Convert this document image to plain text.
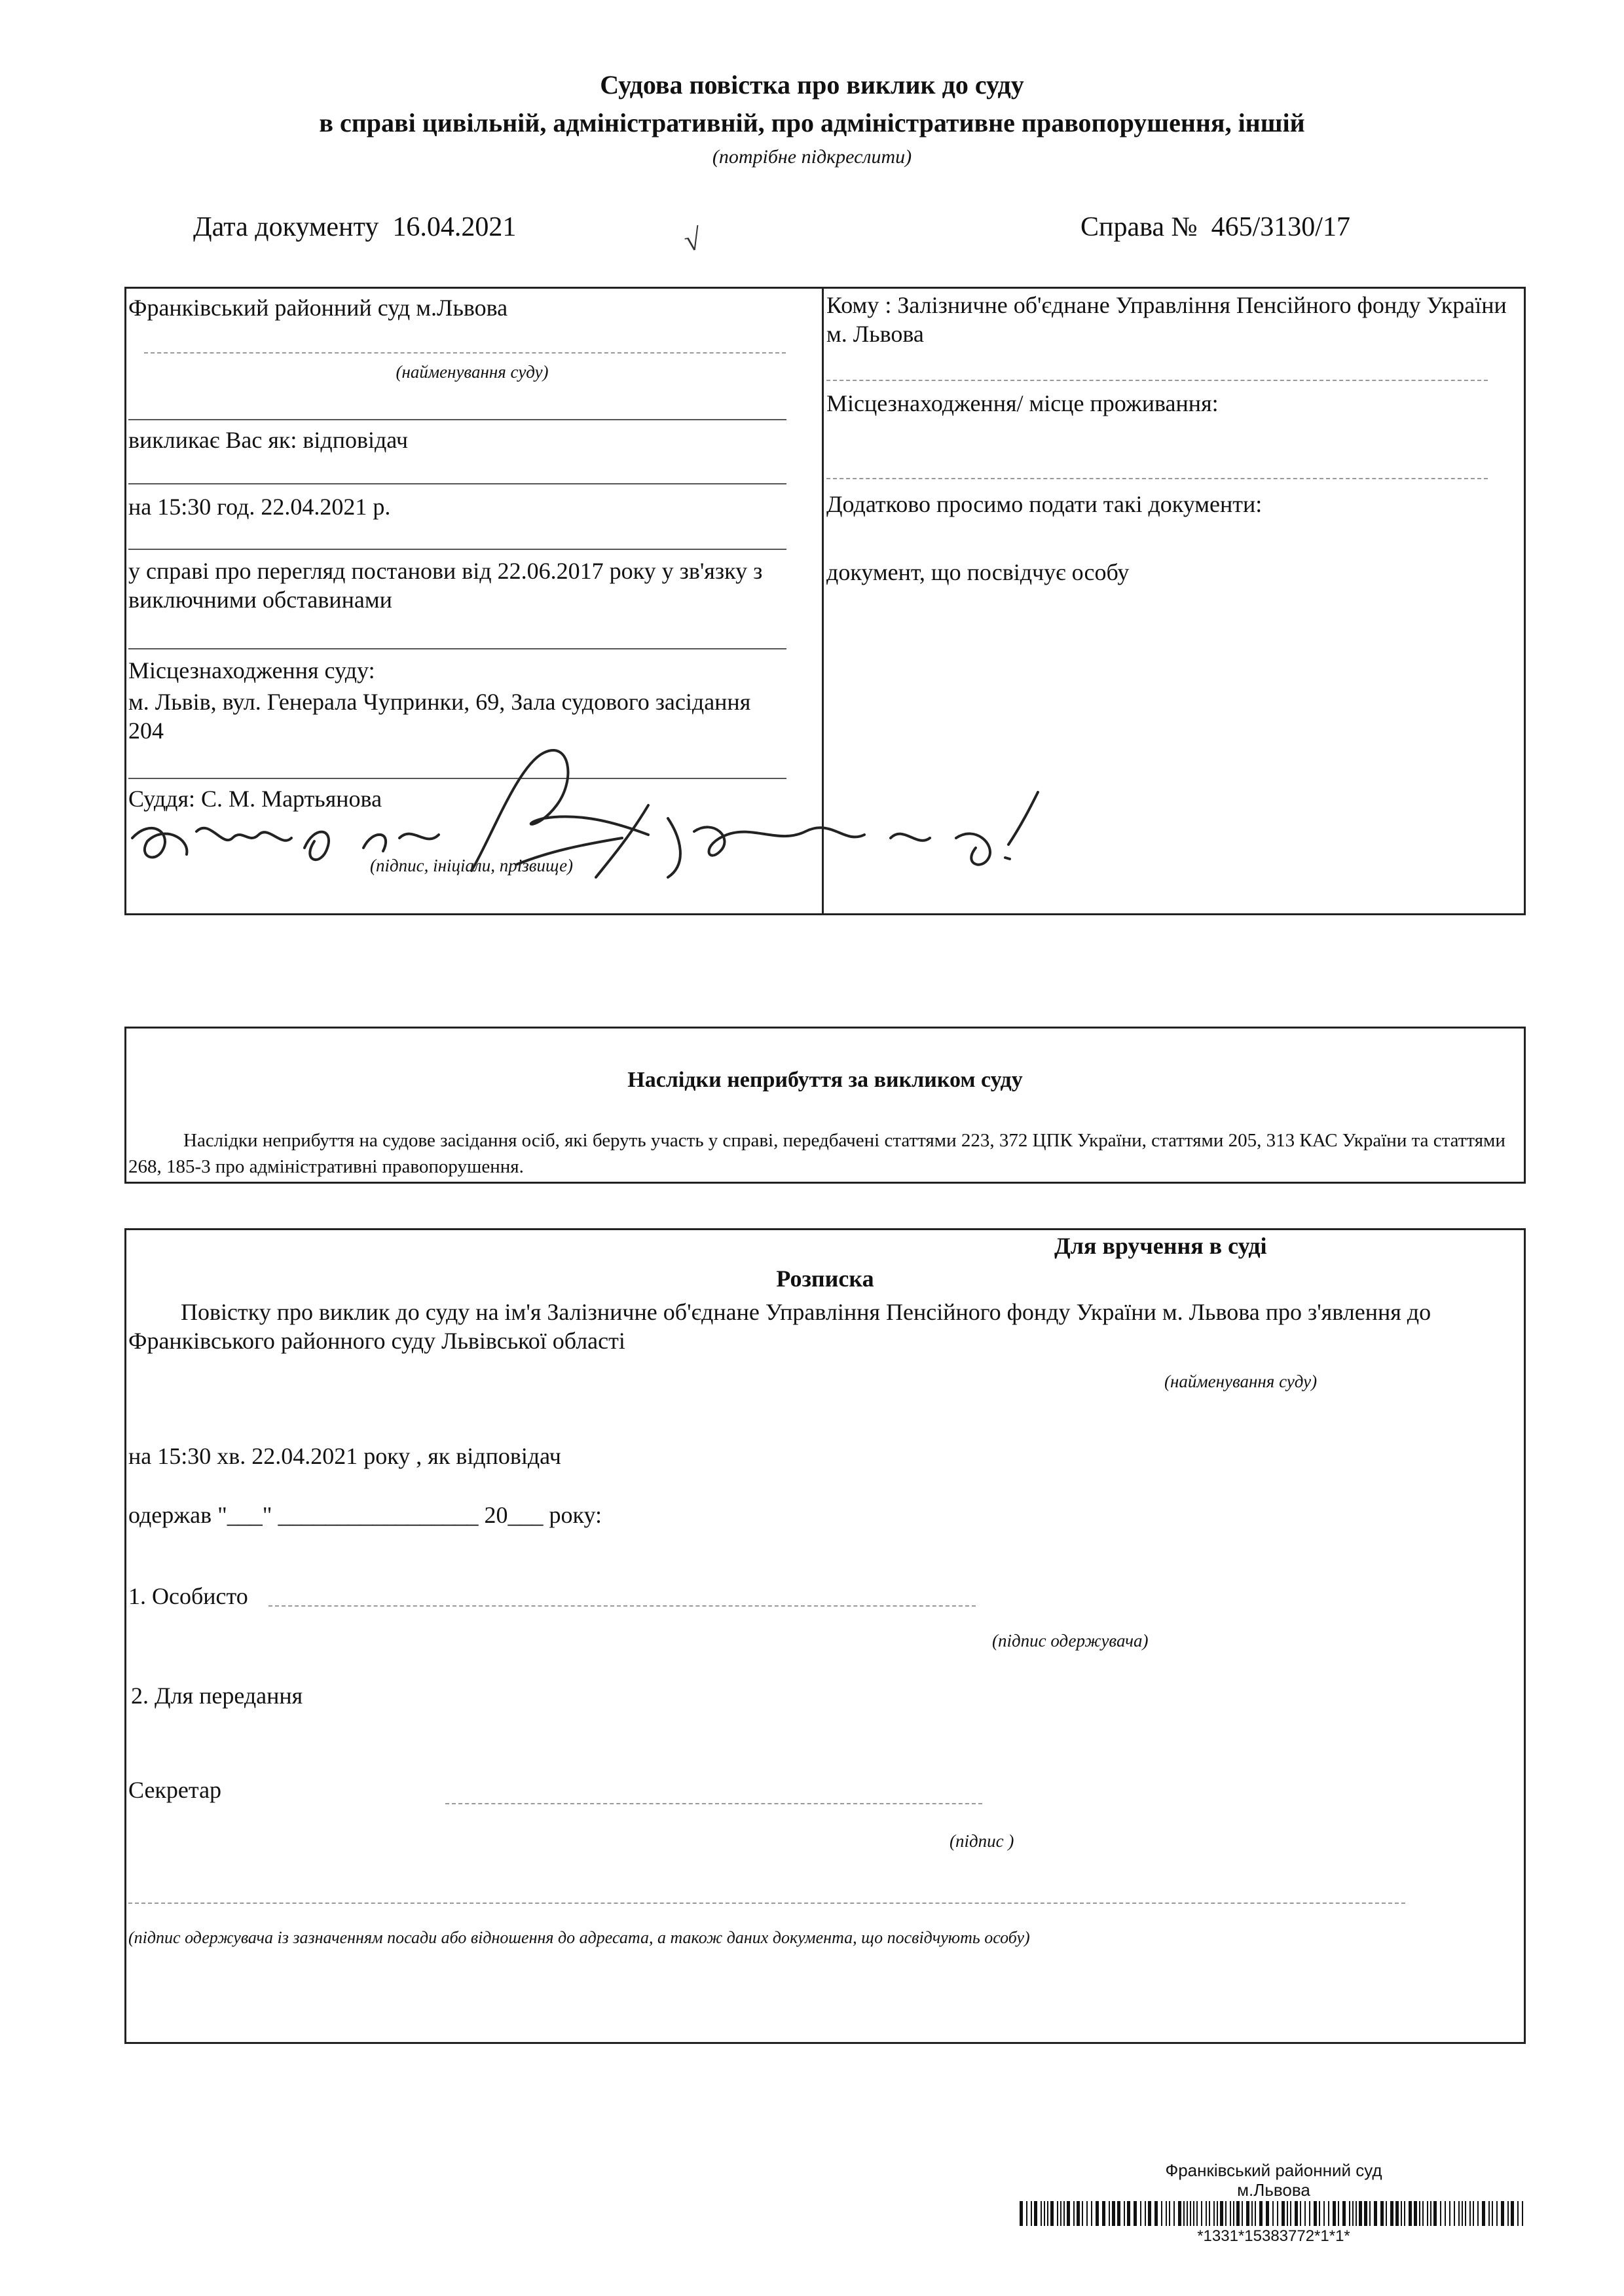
Судова повістка про виклик до суду
в справі цивільній, адміністративній, про адміністративне правопорушення, іншій
(потрібне підкреслити)
Дата документу 16.04.2021	√	Справа № 465/3130/17
Франківський районний суд м.Львова
(найменування суду)
викликає Вас як: відповідач
на 15:30 год. 22.04.2021 р.
у справі про перегляд постанови від 22.06.2017 року у зв'язку з виключними обставинами
Місцезнаходження суду:
м. Львів, вул. Генерала Чупринки, 69, Зала судового засідання 204
Суддя: С. М. Мартьянова
(підпис, ініціали, прізвище)
Кому : Залізничне об'єднане Управління Пенсійного фонду України м. Львова
Місцезнаходження/ місце проживання:
Додатково просимо подати такі документи:
документ, що посвідчує особу
Наслідки неприбуття за викликом суду
Наслідки неприбуття на судове засідання осіб, які беруть участь у справі, передбачені статтями 223, 372 ЦПК України, статтями 205, 313 КАС України та статтями 268, 185-3 про адміністративні правопорушення.
Для вручення в суді
Розписка
Повістку про виклик до суду на ім'я Залізничне об'єднане Управління Пенсійного фонду України м. Львова про з'явлення до Франківського районного суду Львівської області
(найменування суду)
на 15:30 хв. 22.04.2021 року , як відповідач
одержав "___" _________________ 20___ року:
1. Особисто
(підпис одержувача)
2. Для передання
Секретар
(підпис )
(підпис одержувача із зазначенням посади або відношення до адресата, а також даних документа, що посвідчують особу)
Франківський районний суд
м.Львова
*1331*15383772*1*1*
